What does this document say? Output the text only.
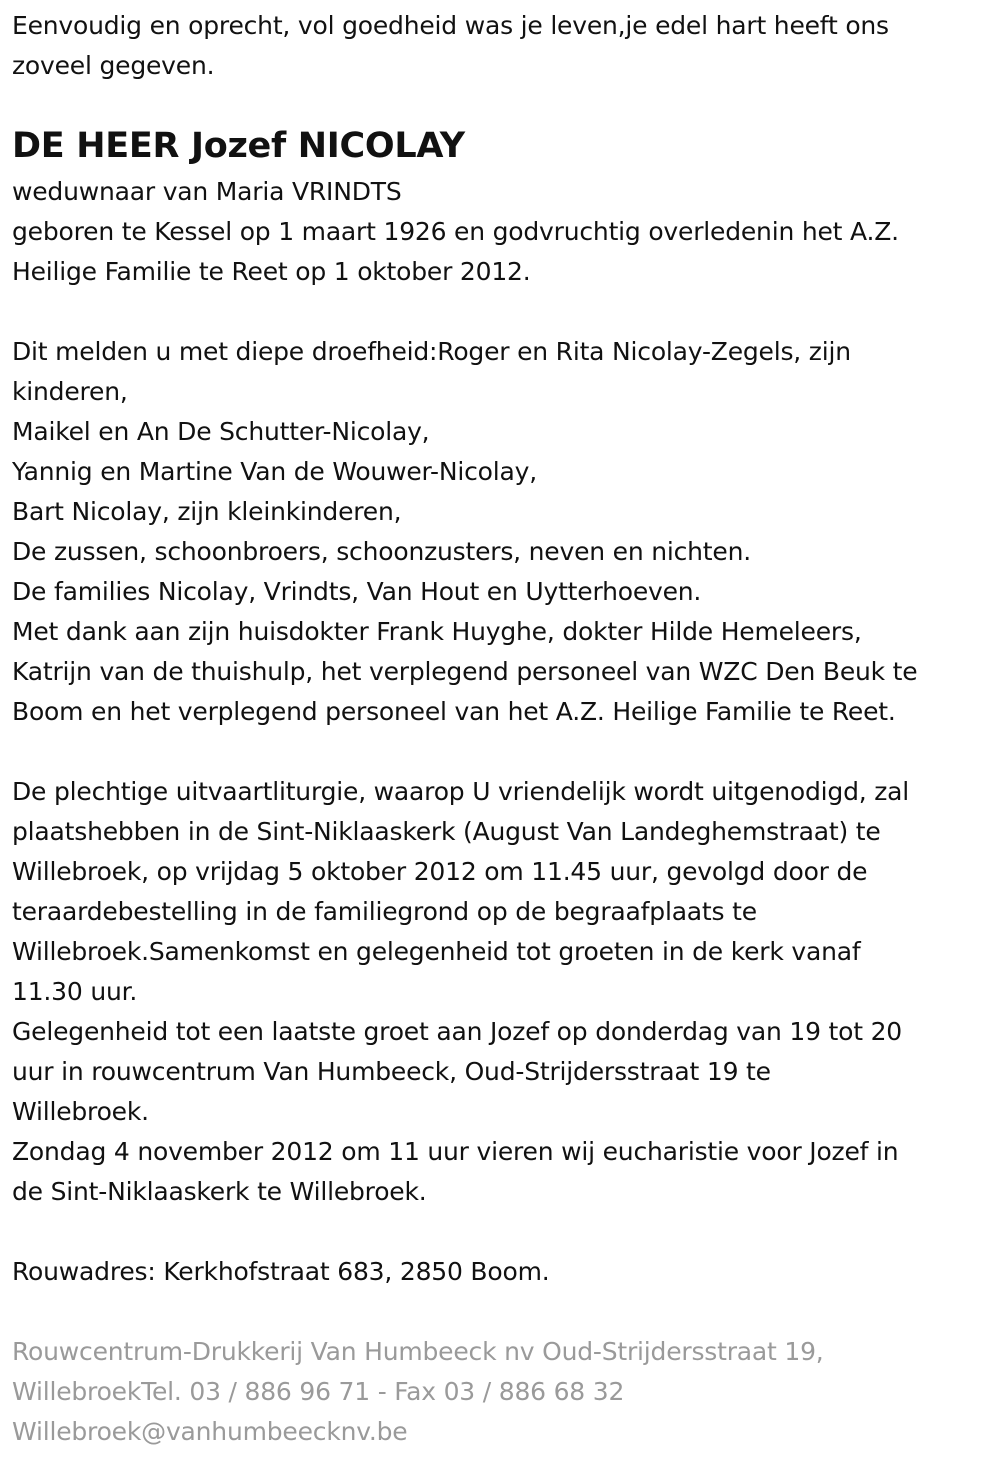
Eenvoudig en oprecht, vol goedheid was je leven,je edel hart heeft ons
zoveel gegeven.
DE HEER Jozef NICOLAY
weduwnaar van Maria VRINDTS
geboren te Kessel op 1 maart 1926 en godvruchtig overledenin het A.Z.
Heilige Familie te Reet op 1 oktober 2012.
Dit melden u met diepe droefheid:Roger en Rita Nicolay-Zegels, zijn
kinderen,
Maikel en An De Schutter-Nicolay,
Yannig en Martine Van de Wouwer-Nicolay,
Bart Nicolay, zijn kleinkinderen,
De zussen, schoonbroers, schoonzusters, neven en nichten.
De families Nicolay, Vrindts, Van Hout en Uytterhoeven.
Met dank aan zijn huisdokter Frank Huyghe, dokter Hilde Hemeleers,
Katrijn van de thuishulp, het verplegend personeel van WZC Den Beuk te
Boom en het verplegend personeel van het A.Z. Heilige Familie te Reet.
De plechtige uitvaartliturgie, waarop U vriendelijk wordt uitgenodigd, zal
plaatshebben in de Sint-Niklaaskerk (August Van Landeghemstraat) te
Willebroek, op vrijdag 5 oktober 2012 om 11.45 uur, gevolgd door de
teraardebestelling in de familiegrond op de begraafplaats te
Willebroek.Samenkomst en gelegenheid tot groeten in de kerk vanaf
11.30 uur.
Gelegenheid tot een laatste groet aan Jozef op donderdag van 19 tot 20
uur in rouwcentrum Van Humbeeck, Oud-Strijdersstraat 19 te
Willebroek.
Zondag 4 november 2012 om 11 uur vieren wij eucharistie voor Jozef in
de Sint-Niklaaskerk te Willebroek.
Rouwadres: Kerkhofstraat 683, 2850 Boom.
Rouwcentrum-Drukkerij Van Humbeeck nv Oud-Strijdersstraat 19,
WillebroekTel. 03 / 886 96 71 - Fax 03 / 886 68 32
Willebroek@vanhumbeecknv.be
